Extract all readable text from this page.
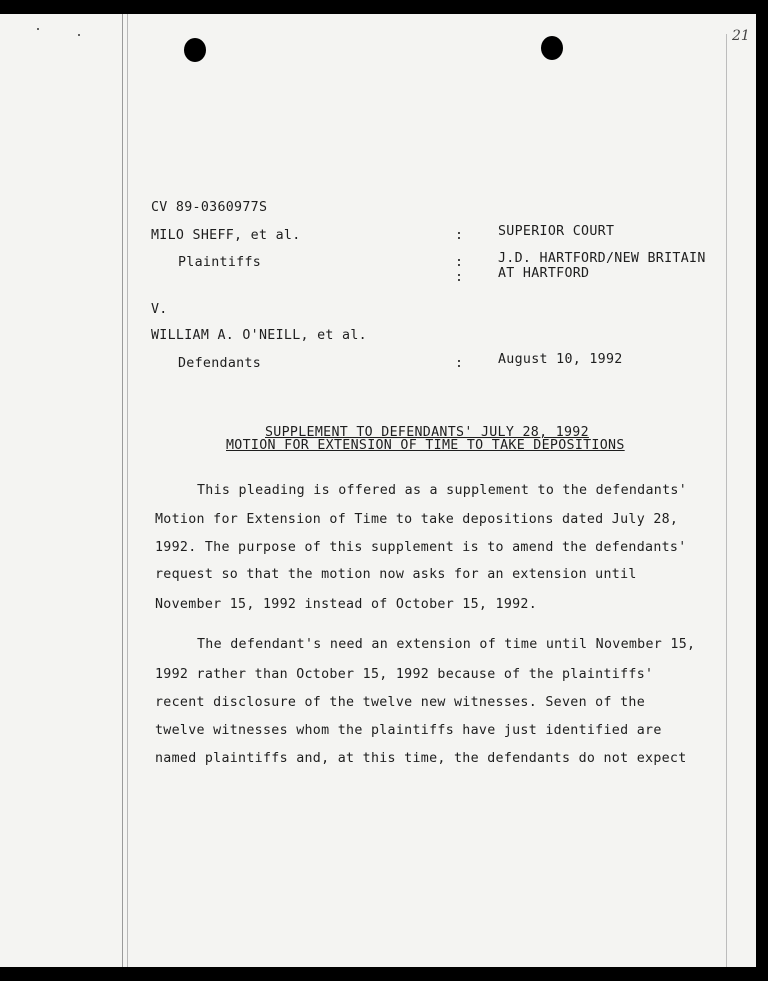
21
CV 89-0360977S
MILO SHEFF, et al.
Plaintiffs
V.
WILLIAM A. O'NEILL, et al.
Defendants
:
:
:
:
SUPERIOR COURT
J.D. HARTFORD/NEW BRITAIN
AT HARTFORD
August 10, 1992
SUPPLEMENT TO DEFENDANTS' JULY 28, 1992
MOTION FOR EXTENSION OF TIME TO TAKE DEPOSITIONS
This pleading is offered as a supplement to the defendants'
Motion for Extension of Time to take depositions dated July 28,
1992. The purpose of this supplement is to amend the defendants'
request so that the motion now asks for an extension until
November 15, 1992 instead of October 15, 1992.
The defendant's need an extension of time until November 15,
1992 rather than October 15, 1992 because of the plaintiffs'
recent disclosure of the twelve new witnesses. Seven of the
twelve witnesses whom the plaintiffs have just identified are
named plaintiffs and, at this time, the defendants do not expect
